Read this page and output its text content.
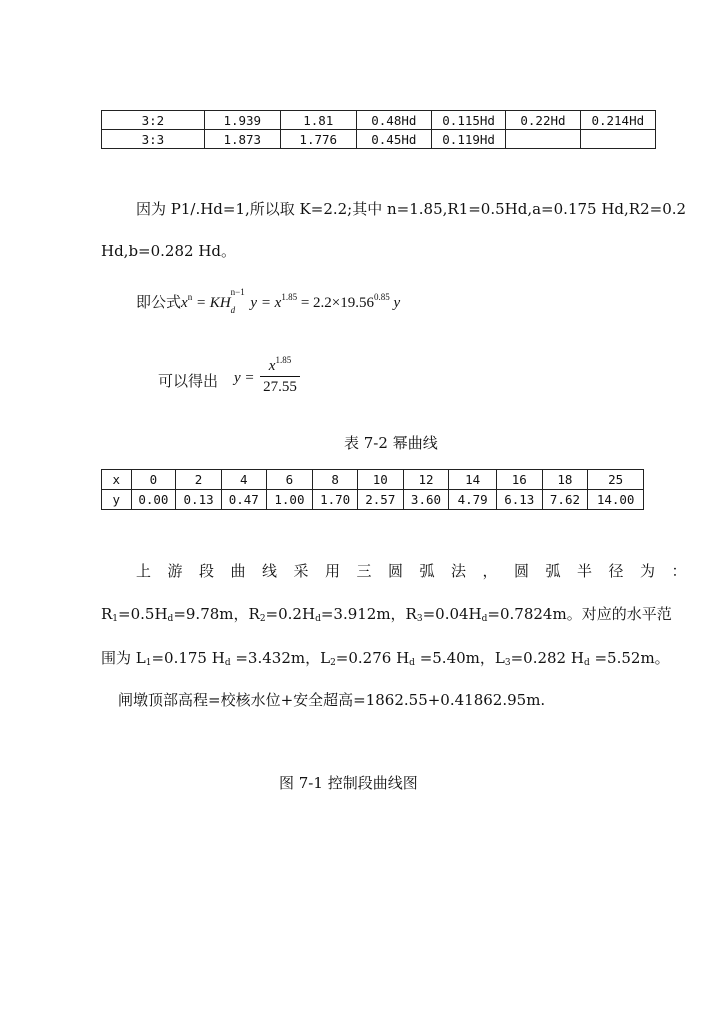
3:2	1.939	1.81	0.48Hd	0.115Hd	0.22Hd	0.214Hd
3:3	1.873	1.776	0.45Hd	0.119Hd		
因为 P1/.Hd=1,所以取 K=2.2;其中 n=1.85,R1=0.5Hd,a=0.175 Hd,R2=0.2
Hd,b=0.282 Hd。
即公式$x^n$ = KH
n−1
d $y = x^{1.85} = 2.2\times 19.56^{0.85}$ y
可以得出 y =
$x^{1.85}$
27.55
表 7-2 幂曲线
x	0	2	4	6	8	10	12	14	16	18	25
y	0.00	0.13	0.47	1.00	1.70	2.57	3.60	4.79	6.13	7.62	14.00
上游段曲线采用三圆弧法，圆弧半径为：
$R_1=0.5H_d=9.78m$，$R_2=0.2H_d=3.912m$，$R_3=0.04H_d=0.7824m$。对应的水平范
围为 $L_1=0.175$ $H_d =3.432m$，$L_2=0.276$ $H_d =5.40m$，$L_3=0.282$ $H_d =5.52m$。
闸墩顶部高程=校核水位+安全超高=1862.55+0.41862.95m.
图 7-1 控制段曲线图
